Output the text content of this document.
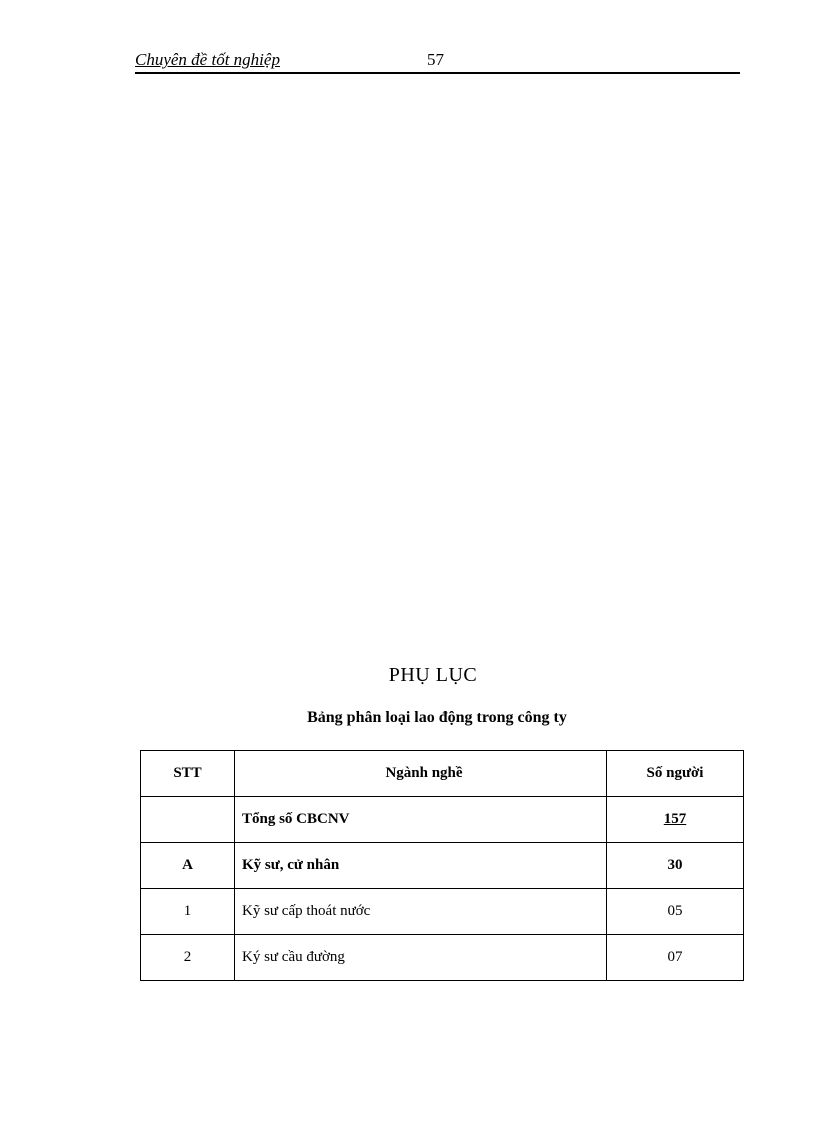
Chuyên đề tốt nghiệp	57
PHỤ LỤC
Bảng phân loại lao động trong công ty
STT	Ngành nghề	Số người
	Tổng số CBCNV	157
A	Kỹ sư, cử nhân	30
1	Kỹ sư cấp thoát nước	05
2	Ký sư cầu đường	07
